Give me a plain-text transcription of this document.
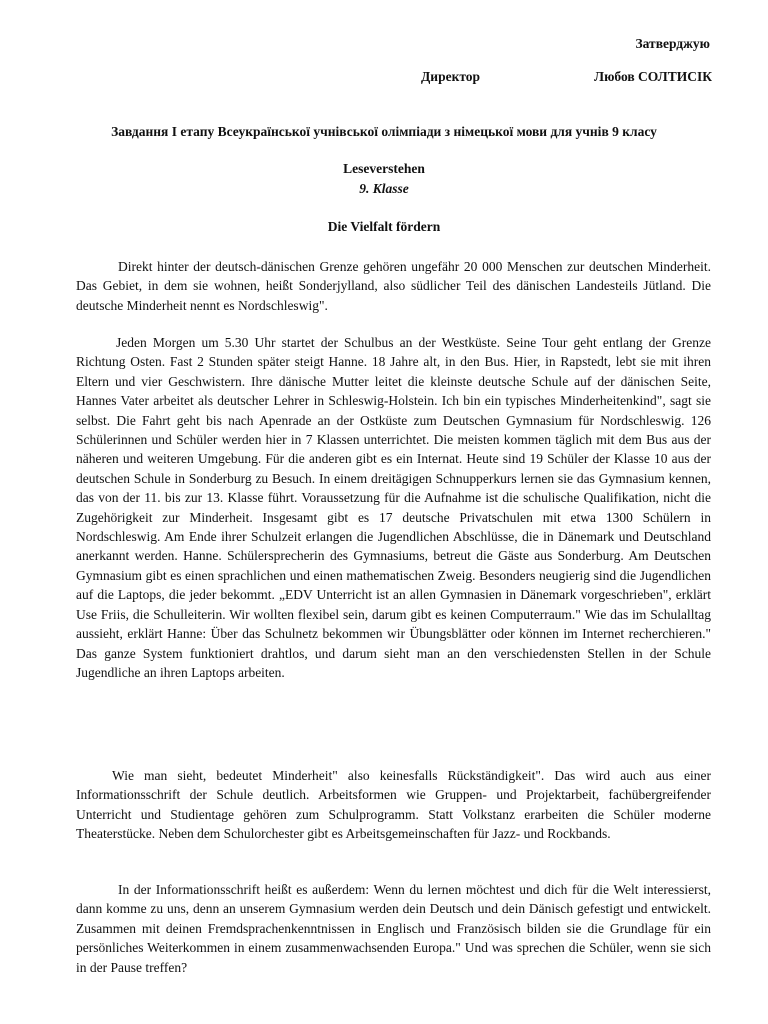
Затверджую
Директор	Любов СОЛТИСІК
Завдання І етапу Всеукраїнської учнівської олімпіади з німецької мови для учнів 9 класу
Leseverstehen
9. Klasse
Die Vielfalt fördern

Direkt hinter der deutsch-dänischen Grenze gehören ungefähr 20 000 Menschen zur deutschen Minderheit. Das Gebiet, in dem sie wohnen, heißt Sonderjylland, also südlicher Teil des dänischen Landesteils Jütland. Die deutsche Minderheit nennt es Nordschleswig".

Jeden Morgen um 5.30 Uhr startet der Schulbus an der Westküste. Seine Tour geht entlang der Grenze Richtung Osten. Fast 2 Stunden später steigt Hanne. 18 Jahre alt, in den Bus. Hier, in Rapstedt, lebt sie mit ihren Eltern und vier Geschwistern. Ihre dänische Mutter leitet die kleinste deutsche Schule auf der dänischen Seite, Hannes Vater arbeitet als deutscher Lehrer in Schleswig-Holstein. Ich bin ein typisches Minderheitenkind", sagt sie selbst. Die Fahrt geht bis nach Apenrade an der Ostküste zum Deutschen Gymnasium für Nordschleswig. 126 Schülerinnen und Schüler werden hier in 7 Klassen unterrichtet. Die meisten kommen täglich mit dem Bus aus der näheren und weiteren Umgebung. Für die anderen gibt es ein Internat. Heute sind 19 Schüler der Klasse 10 aus der deutschen Schule in Sonderburg zu Besuch. In einem dreitägigen Schnupperkurs lernen sie das Gymnasium kennen, das von der 11. bis zur 13. Klasse führt. Voraussetzung für die Aufnahme ist die schulische Qualifikation, nicht die Zugehörigkeit zur Minderheit. Insgesamt gibt es 17 deutsche Privatschulen mit etwa 1300 Schülern in Nordschleswig. Am Ende ihrer Schulzeit erlangen die Jugendlichen Abschlüsse, die in Dänemark und Deutschland anerkannt werden. Hanne. Schülersprecherin des Gymnasiums, betreut die Gäste aus Sonderburg. Am Deutschen Gymnasium gibt es einen sprachlichen und einen mathematischen Zweig. Besonders neugierig sind die Jugendlichen auf die Laptops, die jeder bekommt. „EDV Unterricht ist an allen Gymnasien in Dänemark vorgeschrieben", erklärt Use Friis, die Schulleiterin. Wir wollten flexibel sein, darum gibt es keinen Computerraum." Wie das im Schulalltag aussieht, erklärt Hanne: Über das Schulnetz bekommen wir Übungsblätter oder können im Internet recherchieren." Das ganze System funktioniert drahtlos, und darum sieht man an den verschiedensten Stellen in der Schule Jugendliche an ihren Laptops arbeiten.

Wie man sieht, bedeutet Minderheit" also keinesfalls Rückständigkeit". Das wird auch aus einer Informationsschrift der Schule deutlich. Arbeitsformen wie Gruppen- und Projektarbeit, fachübergreifender Unterricht und Studientage gehören zum Schulprogramm. Statt Volkstanz erarbeiten die Schüler moderne Theaterstücke. Neben dem Schulorchester gibt es Arbeitsgemeinschaften für Jazz- und Rockbands.

In der Informationsschrift heißt es außerdem: Wenn du lernen möchtest und dich für die Welt interessierst, dann komme zu uns, denn an unserem Gymnasium werden dein Deutsch und dein Dänisch gefestigt und entwickelt. Zusammen mit deinen Fremdsprachenkenntnissen in Englisch und Französisch bilden sie die Grundlage für ein persönliches Weiterkommen in einem zusammenwachsenden Europa." Und was sprechen die Schüler, wenn sie sich in der Pause treffen?
